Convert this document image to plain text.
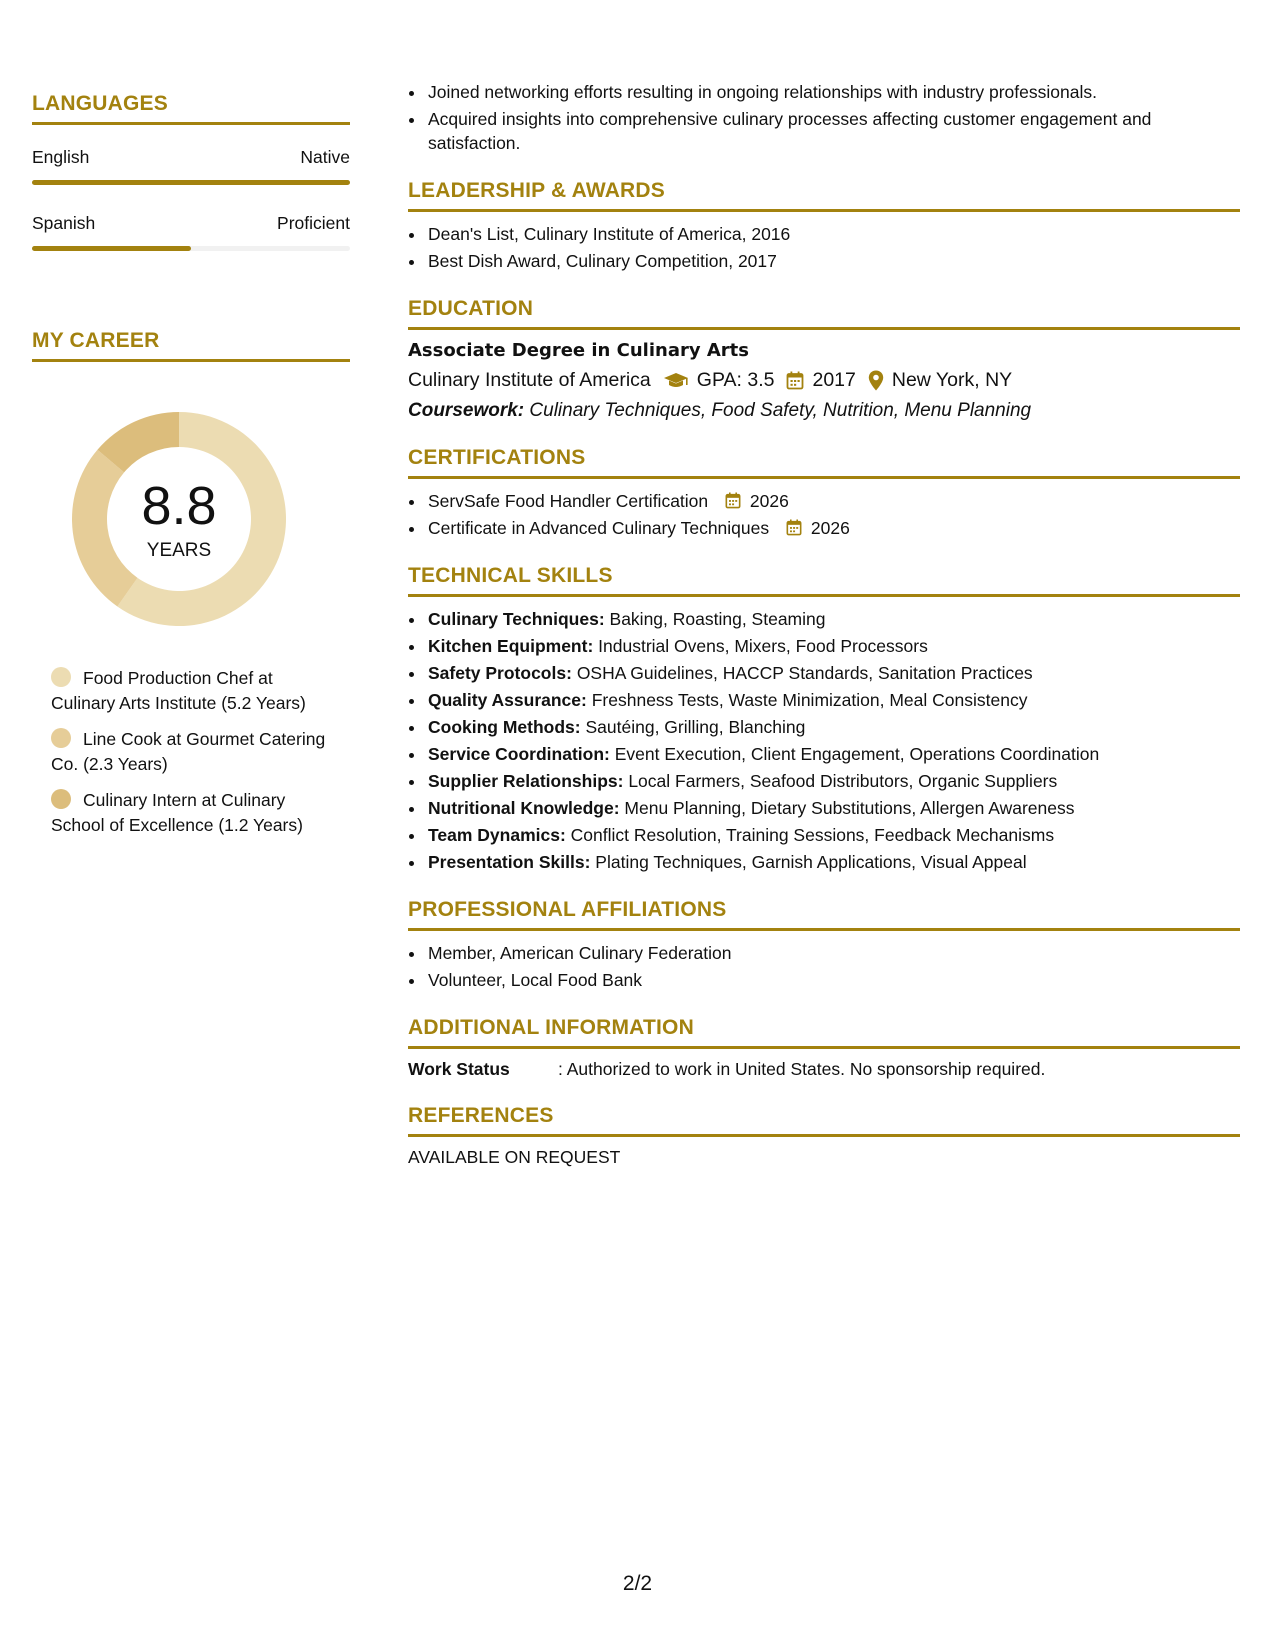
LANGUAGES
English	Native
Spanish	Proficient
MY CAREER
8.8
YEARS
Food Production Chef at Culinary Arts Institute (5.2 Years)
Line Cook at Gourmet Catering Co. (2.3 Years)
Culinary Intern at Culinary School of Excellence (1.2 Years)
• Joined networking efforts resulting in ongoing relationships with industry professionals.
• Acquired insights into comprehensive culinary processes affecting customer engagement and satisfaction.
LEADERSHIP & AWARDS
• Dean's List, Culinary Institute of America, 2016
• Best Dish Award, Culinary Competition, 2017
EDUCATION
Associate Degree in Culinary Arts
Culinary Institute of America GPA: 3.5 2017 New York, NY
Coursework: Culinary Techniques, Food Safety, Nutrition, Menu Planning
CERTIFICATIONS
• ServSafe Food Handler Certification 2026
• Certificate in Advanced Culinary Techniques 2026
TECHNICAL SKILLS
• Culinary Techniques: Baking, Roasting, Steaming
• Kitchen Equipment: Industrial Ovens, Mixers, Food Processors
• Safety Protocols: OSHA Guidelines, HACCP Standards, Sanitation Practices
• Quality Assurance: Freshness Tests, Waste Minimization, Meal Consistency
• Cooking Methods: Sautéing, Grilling, Blanching
• Service Coordination: Event Execution, Client Engagement, Operations Coordination
• Supplier Relationships: Local Farmers, Seafood Distributors, Organic Suppliers
• Nutritional Knowledge: Menu Planning, Dietary Substitutions, Allergen Awareness
• Team Dynamics: Conflict Resolution, Training Sessions, Feedback Mechanisms
• Presentation Skills: Plating Techniques, Garnish Applications, Visual Appeal
PROFESSIONAL AFFILIATIONS
• Member, American Culinary Federation
• Volunteer, Local Food Bank
ADDITIONAL INFORMATION
Work Status	: Authorized to work in United States. No sponsorship required.
REFERENCES
AVAILABLE ON REQUEST
2/2
